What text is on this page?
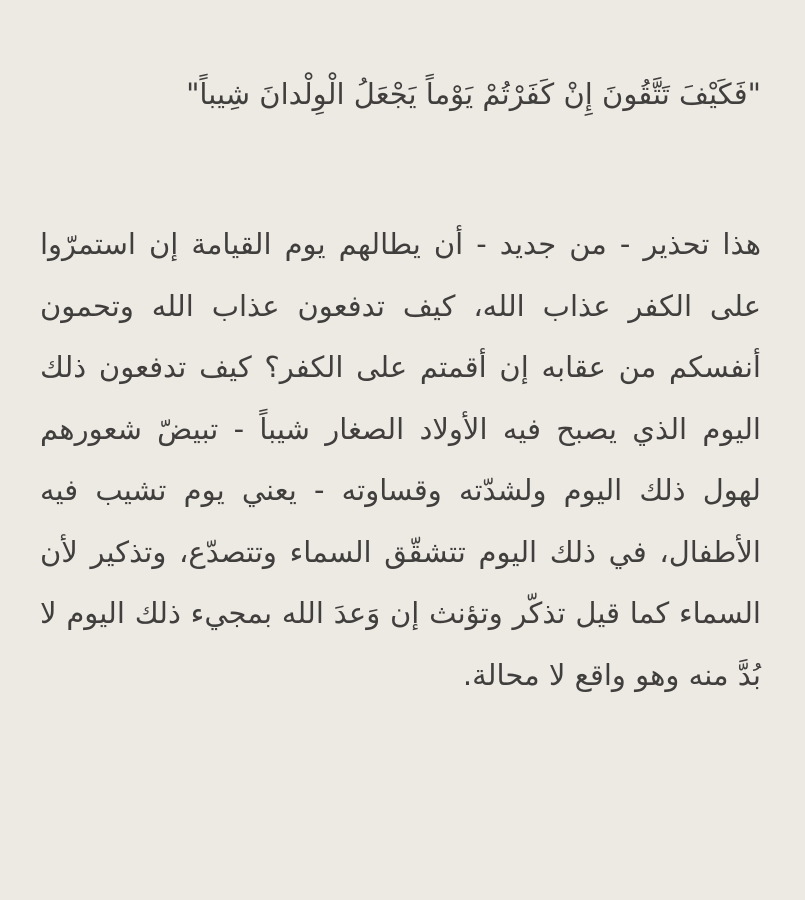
"فَكَيْفَ تَتَّقُونَ إِنْ كَفَرْتُمْ يَوْماً يَجْعَلُ الْوِلْدانَ شِيباً"

هذا تحذير - من جديد - أن يطالهم يوم القيامة إن استمرّوا على الكفر عذاب الله، كيف تدفعون عذاب الله وتحمون أنفسكم من عقابه إن أقمتم على الكفر؟ كيف تدفعون ذلك اليوم الذي يصبح فيه الأولاد الصغار شيباً - تبيضّ شعورهم لهول ذلك اليوم ولشدّته وقساوته - يعني يوم تشيب فيه الأطفال، في ذلك اليوم تتشقّق السماء وتتصدّع، وتذكير لأن السماء كما قيل تذكّر وتؤنث إن وَعدَ الله بمجيء ذلك اليوم لا بُدَّ منه وهو واقع لا محالة.
